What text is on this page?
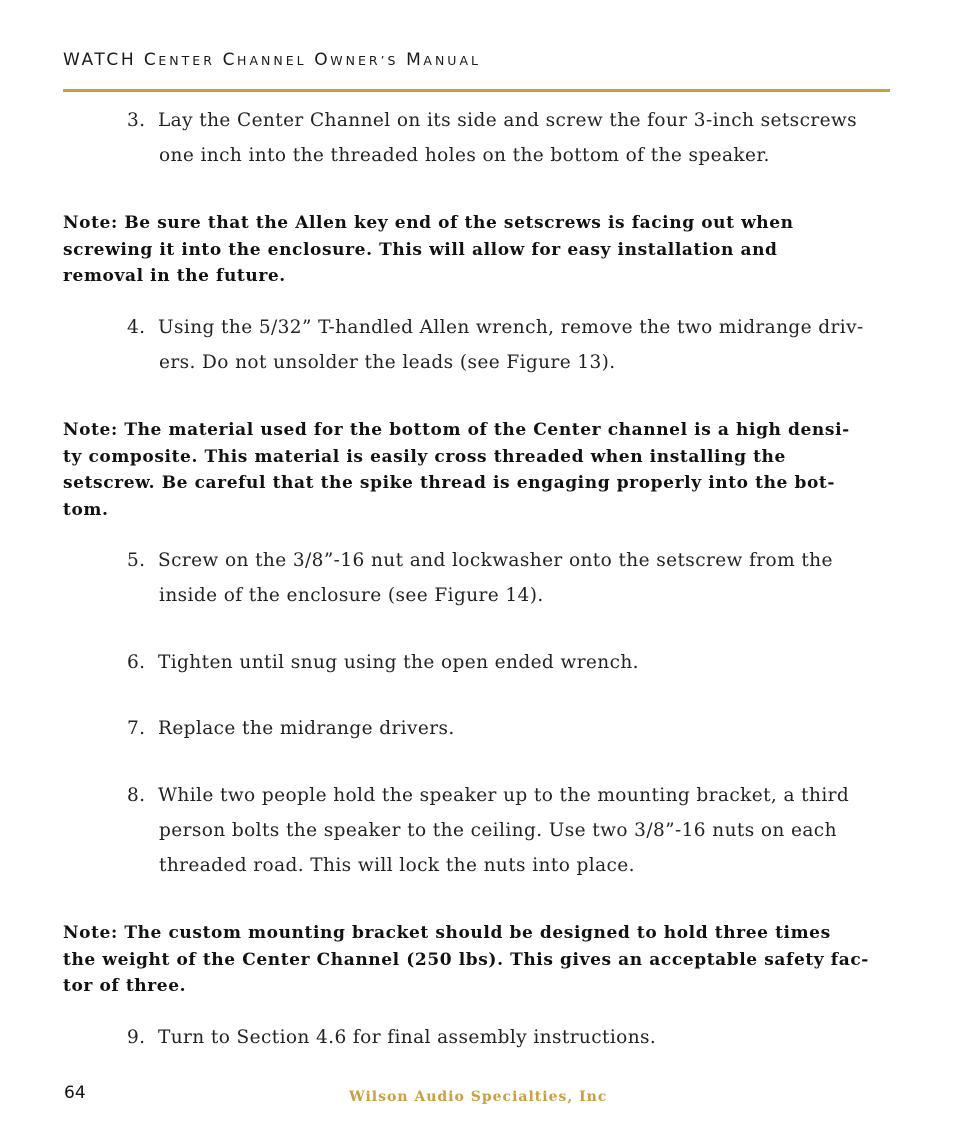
WATCH CENTER CHANNEL OWNER’S MANUAL
3. Lay the Center Channel on its side and screw the four 3-inch setscrews
one inch into the threaded holes on the bottom of the speaker.
Note: Be sure that the Allen key end of the setscrews is facing out when
screwing it into the enclosure. This will allow for easy installation and
removal in the future.
4. Using the 5/32” T-handled Allen wrench, remove the two midrange driv-
ers. Do not unsolder the leads (see Figure 13).
Note: The material used for the bottom of the Center channel is a high densi-
ty composite. This material is easily cross threaded when installing the
setscrew. Be careful that the spike thread is engaging properly into the bot-
tom.
5. Screw on the 3/8”-16 nut and lockwasher onto the setscrew from the
inside of the enclosure (see Figure 14).
6. Tighten until snug using the open ended wrench.
7. Replace the midrange drivers.
8. While two people hold the speaker up to the mounting bracket, a third
person bolts the speaker to the ceiling. Use two 3/8”-16 nuts on each
threaded road. This will lock the nuts into place.
Note: The custom mounting bracket should be designed to hold three times
the weight of the Center Channel (250 lbs). This gives an acceptable safety fac-
tor of three.
9. Turn to Section 4.6 for final assembly instructions.
64	Wilson Audio Specialties, Inc
